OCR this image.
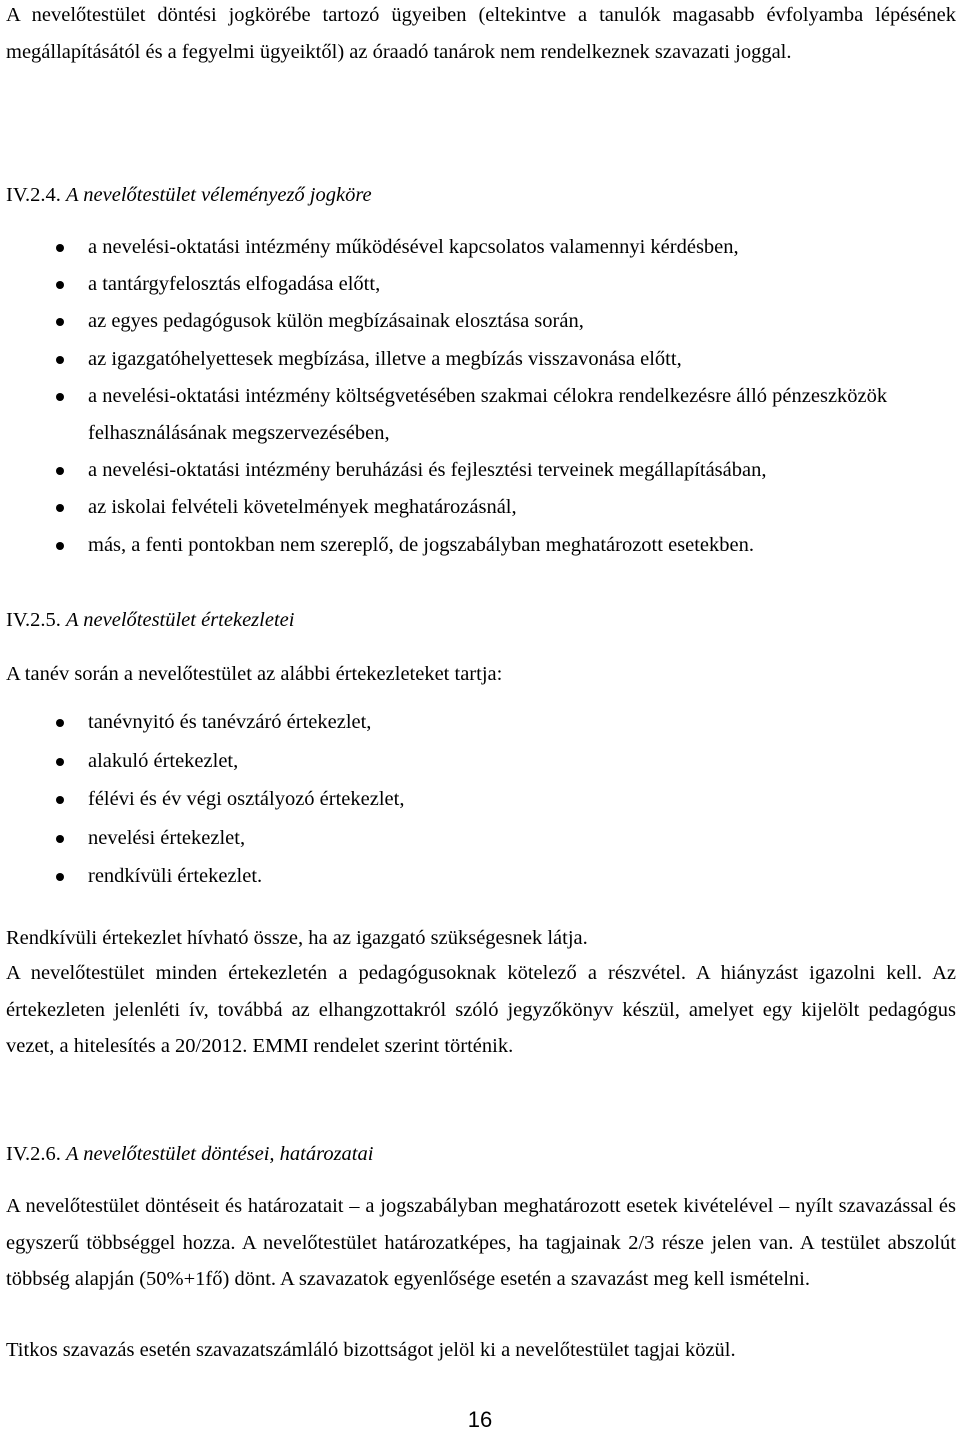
A nevelőtestület döntési jogkörébe tartozó ügyeiben (eltekintve a tanulók magasabb évfolyamba lépésének megállapításától és a fegyelmi ügyeiktől) az óraadó tanárok nem rendelkeznek szavazati joggal.

IV.2.4. A nevelőtestület véleményező jogköre
a nevelési-oktatási intézmény működésével kapcsolatos valamennyi kérdésben,
a tantárgyfelosztás elfogadása előtt,
az egyes pedagógusok külön megbízásainak elosztása során,
az igazgatóhelyettesek megbízása, illetve a megbízás visszavonása előtt,
a nevelési-oktatási intézmény költségvetésében szakmai célokra rendelkezésre álló pénzeszközök felhasználásának megszervezésében,
a nevelési-oktatási intézmény beruházási és fejlesztési terveinek megállapításában,
az iskolai felvételi követelmények meghatározásnál,
más, a fenti pontokban nem szereplő, de jogszabályban meghatározott esetekben.
IV.2.5. A nevelőtestület értekezletei

A tanév során a nevelőtestület az alábbi értekezleteket tartja:

tanévnyitó és tanévzáró értekezlet,
alakuló értekezlet,
félévi és év végi osztályozó értekezlet,
nevelési értekezlet,
rendkívüli értekezlet.

Rendkívüli értekezlet hívható össze, ha az igazgató szükségesnek látja.

A nevelőtestület minden értekezletén a pedagógusoknak kötelező a részvétel. A hiányzást igazolni kell. Az értekezleten jelenléti ív, továbbá az elhangzottakról szóló jegyzőkönyv készül, amelyet egy kijelölt pedagógus vezet, a hitelesítés a 20/2012. EMMI rendelet szerint történik.

IV.2.6. A nevelőtestület döntései, határozatai

A nevelőtestület döntéseit és határozatait – a jogszabályban meghatározott esetek kivételével – nyílt szavazással és egyszerű többséggel hozza. A nevelőtestület határozatképes, ha tagjainak 2/3 része jelen van. A testület abszolút többség alapján (50%+1fő) dönt. A szavazatok egyenlősége esetén a szavazást meg kell ismételni.

Titkos szavazás esetén szavazatszámláló bizottságot jelöl ki a nevelőtestület tagjai közül.

16
